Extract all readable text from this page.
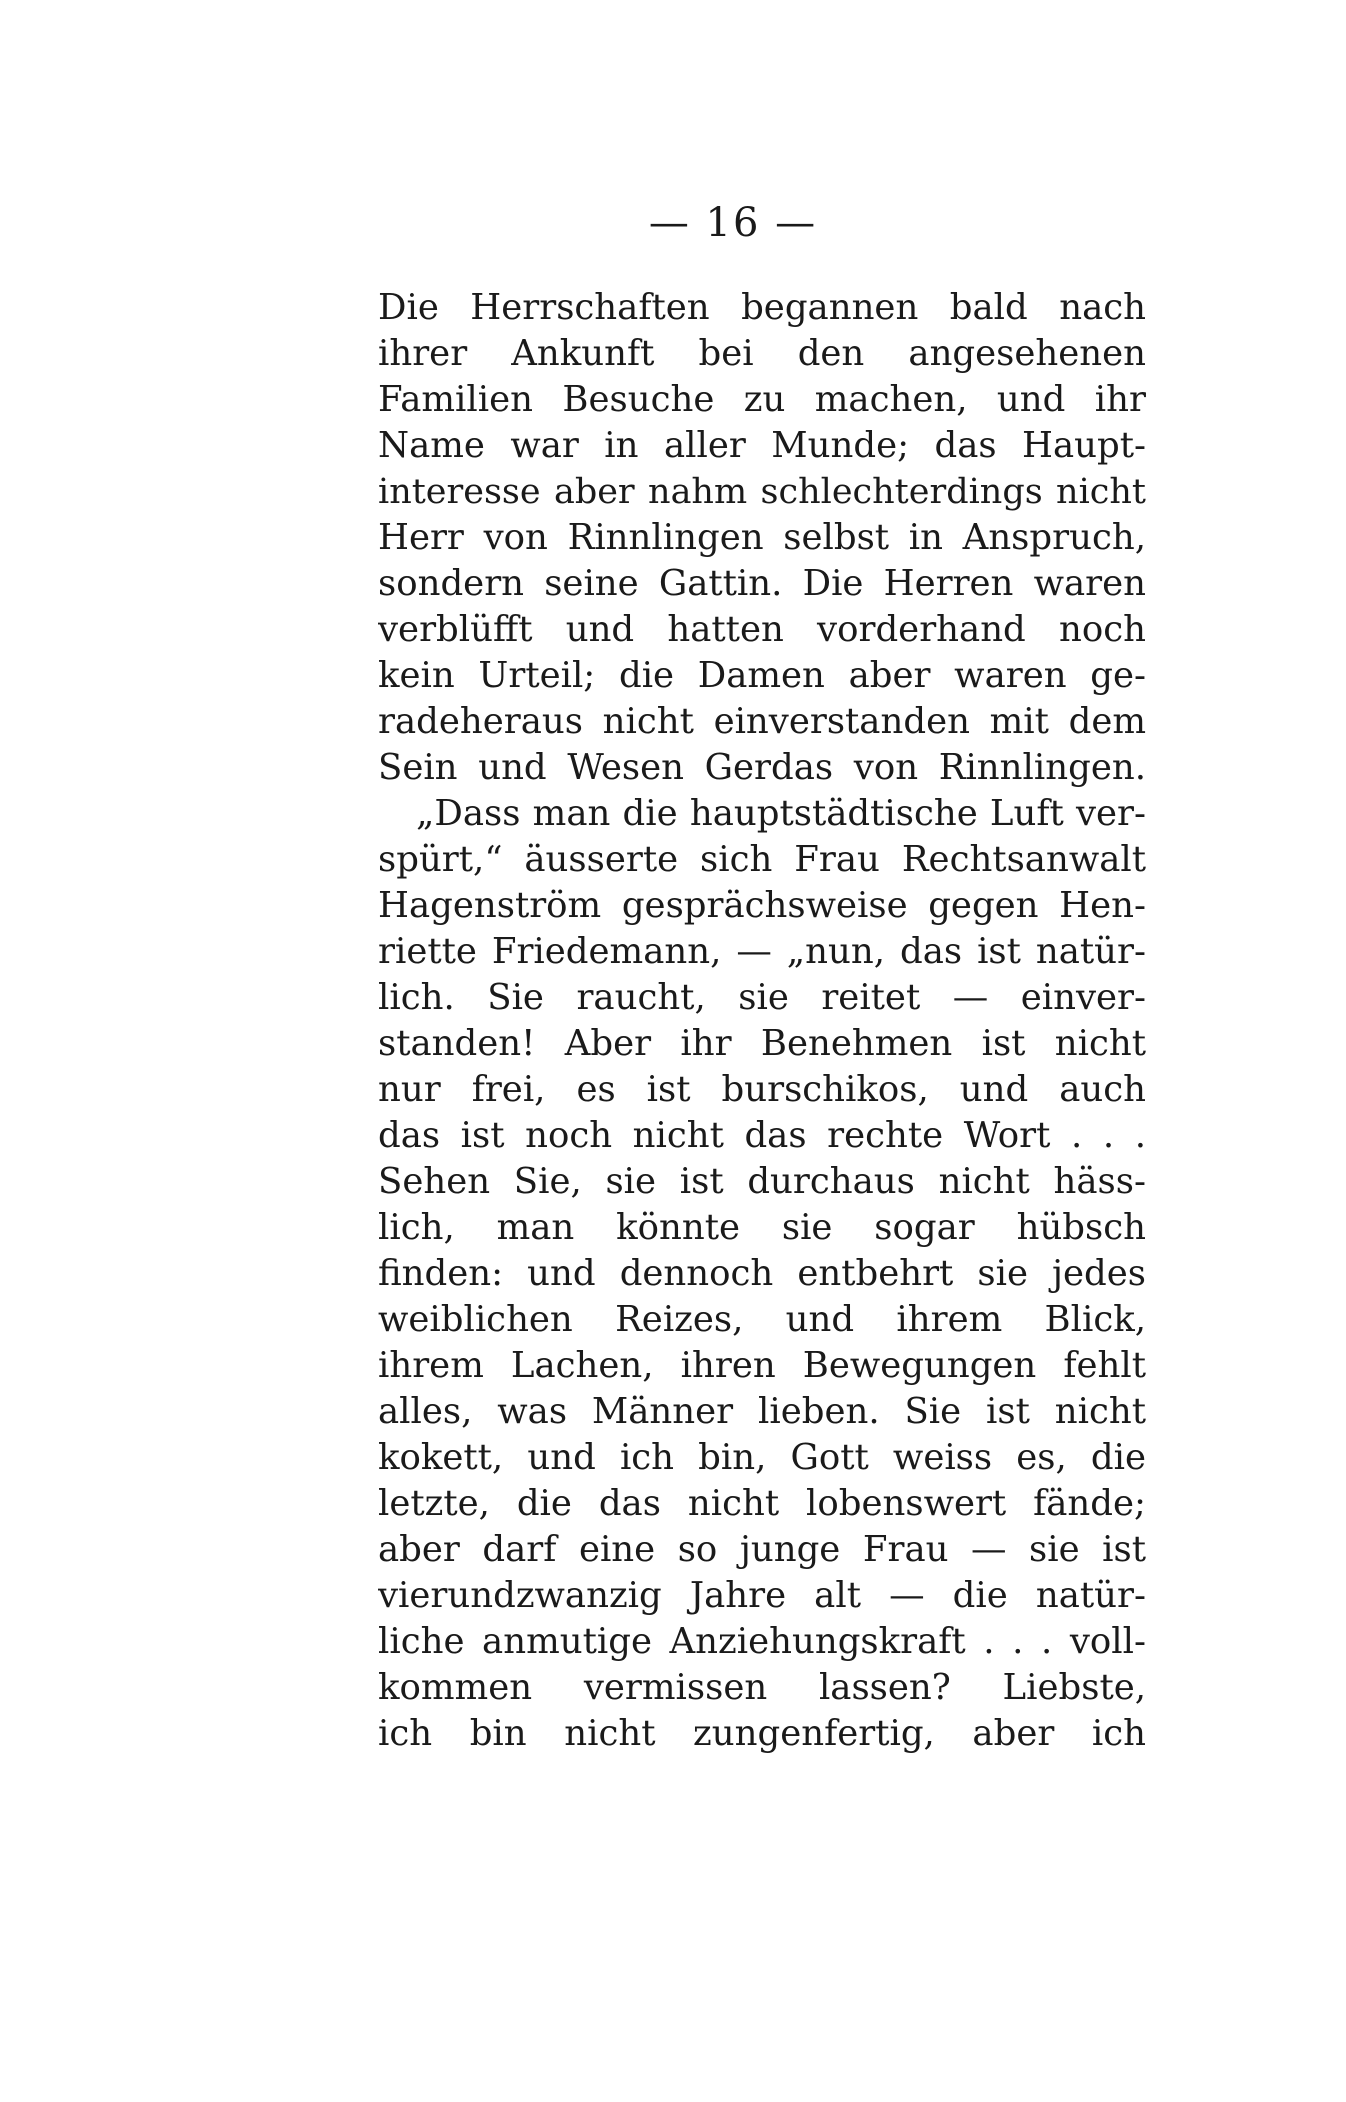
— 16 —
Die Herrschaften begannen bald nach
ihrer Ankunft bei den angesehenen
Familien Besuche zu machen, und ihr
Name war in aller Munde; das Haupt-
interesse aber nahm schlechterdings nicht
Herr von Rinnlingen selbst in Anspruch,
sondern seine Gattin. Die Herren waren
verblüfft und hatten vorderhand noch
kein Urteil; die Damen aber waren ge-
radeheraus nicht einverstanden mit dem
Sein und Wesen Gerdas von Rinnlingen.
„Dass man die hauptstädtische Luft ver-
spürt,“ äusserte sich Frau Rechtsanwalt
Hagenström gesprächsweise gegen Hen-
riette Friedemann, — „nun, das ist natür-
lich. Sie raucht, sie reitet — einver-
standen! Aber ihr Benehmen ist nicht
nur frei, es ist burschikos, und auch
das ist noch nicht das rechte Wort . . .
Sehen Sie, sie ist durchaus nicht häss-
lich, man könnte sie sogar hübsch
finden: und dennoch entbehrt sie jedes
weiblichen Reizes, und ihrem Blick,
ihrem Lachen, ihren Bewegungen fehlt
alles, was Männer lieben. Sie ist nicht
kokett, und ich bin, Gott weiss es, die
letzte, die das nicht lobenswert fände;
aber darf eine so junge Frau — sie ist
vierundzwanzig Jahre alt — die natür-
liche anmutige Anziehungskraft . . . voll-
kommen vermissen lassen? Liebste,
ich bin nicht zungenfertig, aber ich
